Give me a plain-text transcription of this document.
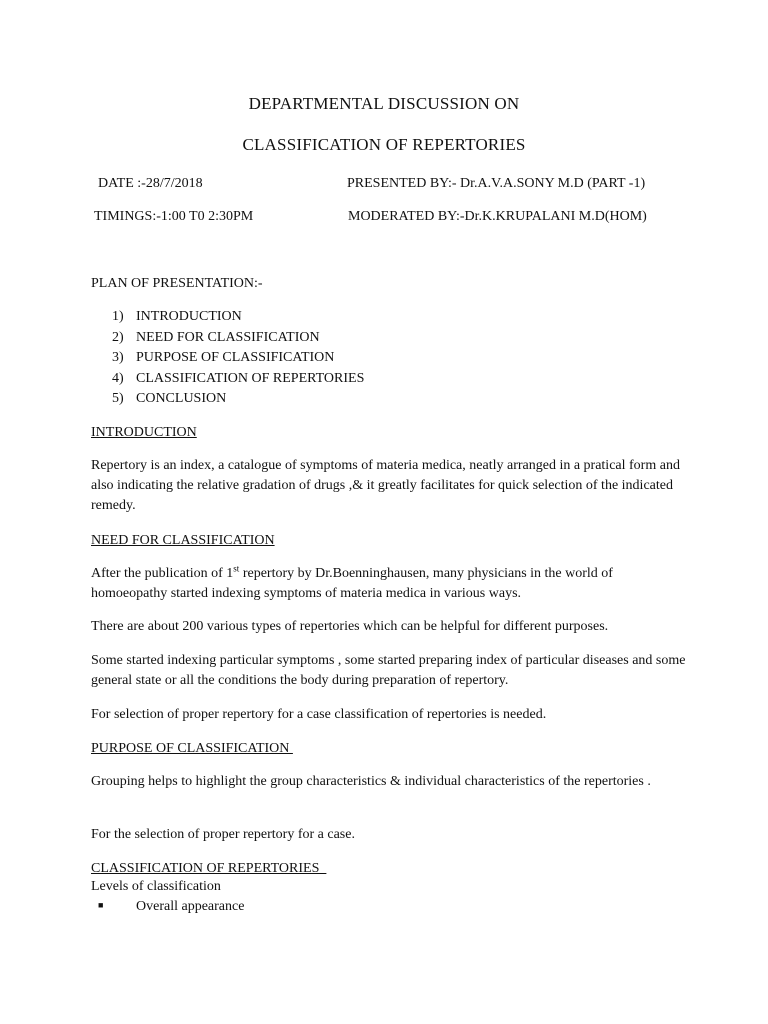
DEPARTMENTAL DISCUSSION ON
CLASSIFICATION OF REPERTORIES
DATE :-28/7/2018	PRESENTED BY:- Dr.A.V.A.SONY M.D (PART -1)
TIMINGS:-1:00 T0 2:30PM	MODERATED BY:-Dr.K.KRUPALANI M.D(HOM)
PLAN OF PRESENTATION:-
1) INTRODUCTION
2) NEED FOR CLASSIFICATION
3) PURPOSE OF CLASSIFICATION
4) CLASSIFICATION OF REPERTORIES
5) CONCLUSION
INTRODUCTION
Repertory is an index, a catalogue of symptoms of materia medica, neatly arranged in a pratical form and also indicating the relative gradation of drugs ,& it greatly facilitates for quick selection of the indicated remedy.
NEED FOR CLASSIFICATION
After the publication of 1st repertory by Dr.Boenninghausen, many physicians in the world of homoeopathy started indexing symptoms of materia medica in various ways.
There are about 200 various types of repertories which can be helpful for different purposes.
Some started indexing particular symptoms , some started preparing index of particular diseases and some general state or all the conditions the body during preparation of repertory.
For selection of proper repertory for a case classification of repertories is needed.
PURPOSE OF CLASSIFICATION
Grouping helps to highlight the group characteristics & individual characteristics of the repertories .
For the selection of proper repertory for a case.
CLASSIFICATION OF REPERTORIES
Levels of classification
■ Overall appearance
